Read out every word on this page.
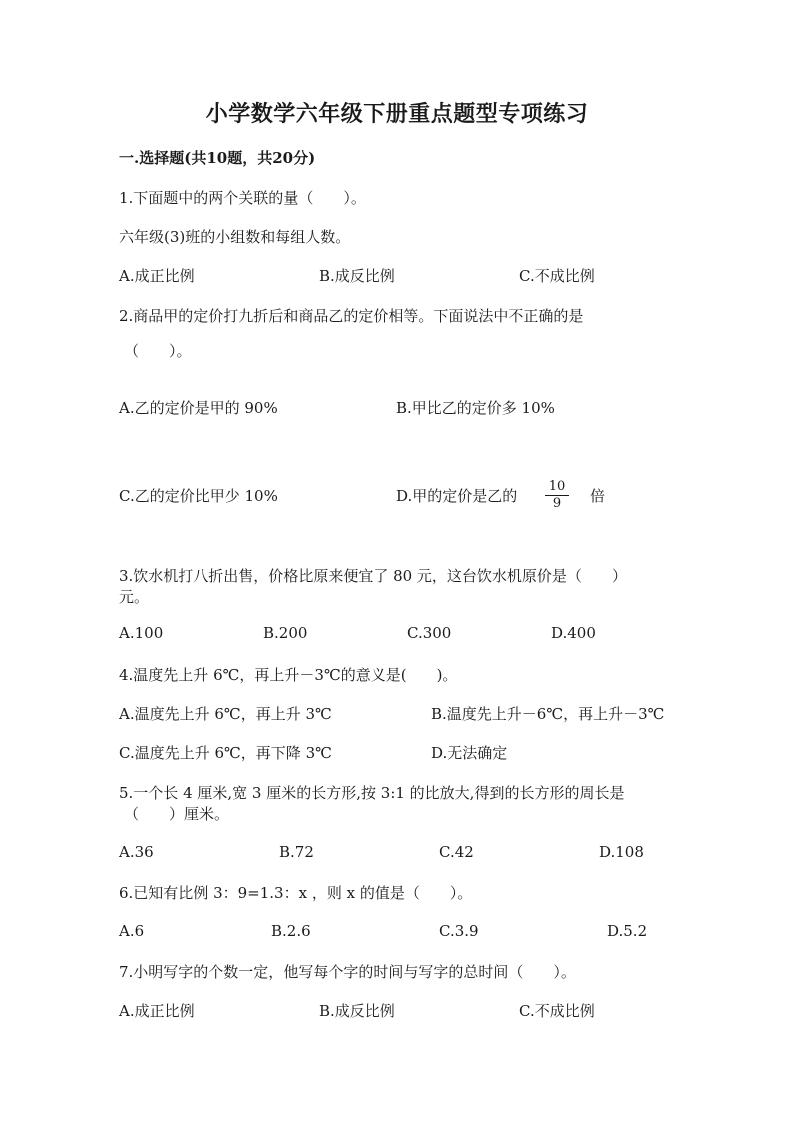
小学数学六年级下册重点题型专项练习
一.选择题(共10题，共20分)
1.下面题中的两个关联的量（　　）。
六年级(3)班的小组数和每组人数。
A.成正比例	B.成反比例	C.不成比例
2.商品甲的定价打九折后和商品乙的定价相等。下面说法中不正确的是
（　　）。
A.乙的定价是甲的 90%	B.甲比乙的定价多 10%
C.乙的定价比甲少 10%	D.甲的定价是乙的
10
9	倍
3.饮水机打八折出售，价格比原来便宜了 80 元，这台饮水机原价是（　　）
元。
A.100	B.200	C.300	D.400
4.温度先上升 6℃，再上升－3℃的意义是(　　)。
A.温度先上升 6℃，再上升 3℃	B.温度先上升－6℃，再上升－3℃
C.温度先上升 6℃，再下降 3℃	D.无法确定
5.一个长 4 厘米,宽 3 厘米的长方形,按 3:1 的比放大,得到的长方形的周长是
（　　）厘米。
A.36	B.72	C.42	D.108
6.已知有比例 3：9=1.3：x ，则 x 的值是（　　）。
A.6	B.2.6	C.3.9	D.5.2
7.小明写字的个数一定，他写每个字的时间与写字的总时间（　　）。
A.成正比例	B.成反比例	C.不成比例
